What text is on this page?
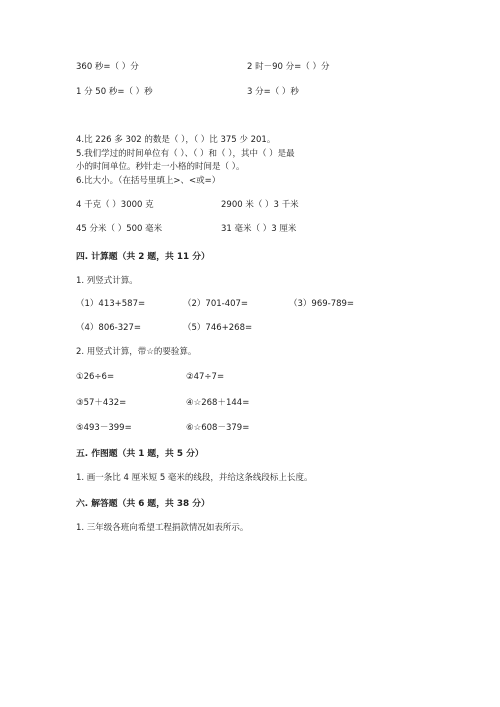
360 秒=（ ）分	2 时－90 分=（ ）分
1 分 50 秒=（ ）秒	3 分=（ ）秒
4.比 226 多 302 的数是（ ），（ ）比 375 少 201。
5.我们学过的时间单位有（ ）、（ ）和（ ），其中（ ）是最
小的时间单位。秒针走一小格的时间是（ ）。
6.比大小。（在括号里填上>、<或=）
4 千克（ ）3000 克	2900 米（ ）3 千米
45 分米（ ）500 毫米	31 毫米（ ）3 厘米
四. 计算题（共 2 题，共 11 分）
1. 列竖式计算。
（1）413+587=	（2）701-407=	（3）969-789=
（4）806-327=	（5）746+268=
2. 用竖式计算，带☆的要验算。
①26÷6=	②47÷7=
③57＋432=	④☆268＋144=
⑤493－399=	⑥☆608－379=
五. 作图题（共 1 题，共 5 分）
1. 画一条比 4 厘米短 5 毫米的线段，并给这条线段标上长度。
六. 解答题（共 6 题，共 38 分）
1. 三年级各班向希望工程捐款情况如表所示。
